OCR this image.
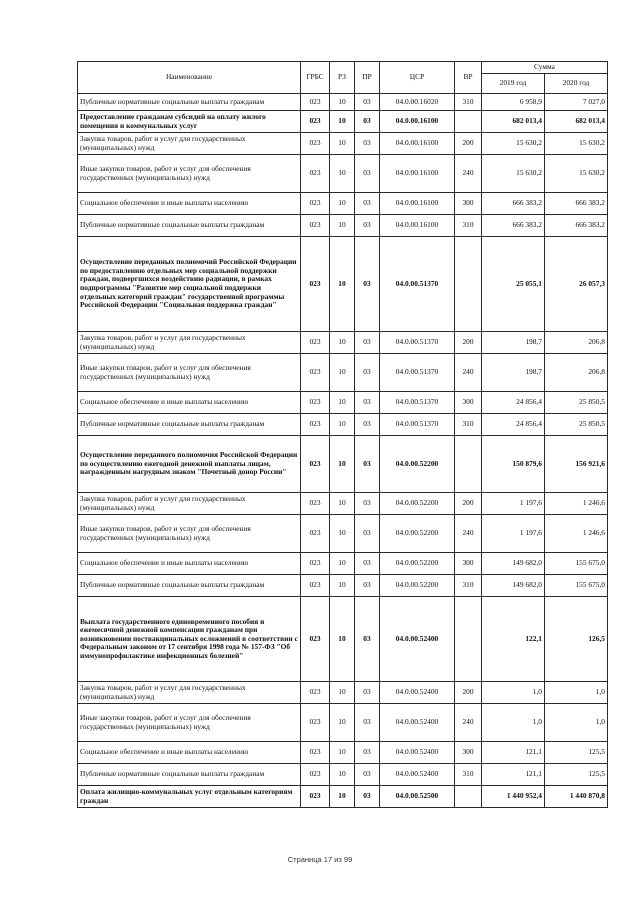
Наименование	ГРБС	РЗ	ПР	ЦСР	ВР	Сумма	
						2019 год	2020 год
Публичные нормативные социальные выплаты гражданам	023	10	03	04.0.00.16020	310	6 958,9	7 027,0
Предоставление гражданам субсидий на оплату жилого помещения и коммунальных услуг	023	10	03	04.0.00.16100		682 013,4	682 013,4
Закупка товаров, работ и услуг для государственных (муниципальных) нужд	023	10	03	04.0.00.16100	200	15 630,2	15 630,2
Иные закупки товаров, работ и услуг для обеспечения государственных (муниципальных) нужд	023	10	03	04.0.00.16100	240	15 630,2	15 630,2
Социальное обеспечение и иные выплаты населению	023	10	03	04.0.00.16100	300	666 383,2	666 383,2
Публичные нормативные социальные выплаты гражданам	023	10	03	04.0.00.16100	310	666 383,2	666 383,2
Осуществление переданных полномочий Российской Федерации по предоставлению отдельных мер социальной поддержки граждан, подвергшихся воздействию радиации, в рамках подпрограммы "Развитие мер социальной поддержки отдельных категорий граждан" государственной программы Российской Федерации "Социальная поддержка граждан"	023	10	03	04.0.00.51370		25 055,1	26 057,3
Закупка товаров, работ и услуг для государственных (муниципальных) нужд	023	10	03	04.0.00.51370	200	198,7	206,8
Иные закупки товаров, работ и услуг для обеспечения государственных (муниципальных) нужд	023	10	03	04.0.00.51370	240	198,7	206,8
Социальное обеспечение и иные выплаты населению	023	10	03	04.0.00.51370	300	24 856,4	25 850,5
Публичные нормативные социальные выплаты гражданам	023	10	03	04.0.00.51370	310	24 856,4	25 850,5
Осуществление переданного полномочия Российской Федерации по осуществлению ежегодной денежной выплаты лицам, награжденным нагрудным знаком "Почетный донор России"	023	10	03	04.0.00.52200		150 879,6	156 921,6
Закупка товаров, работ и услуг для государственных (муниципальных) нужд	023	10	03	04.0.00.52200	200	1 197,6	1 246,6
Иные закупки товаров, работ и услуг для обеспечения государственных (муниципальных) нужд	023	10	03	04.0.00.52200	240	1 197,6	1 246,6
Социальное обеспечение и иные выплаты населению	023	10	03	04.0.00.52200	300	149 682,0	155 675,0
Публичные нормативные социальные выплаты гражданам	023	10	03	04.0.00.52200	310	149 682,0	155 675,0
Выплата государственного единовременного пособия и ежемесячной денежной компенсации гражданам при возникновении поствакцинальных осложнений в соответствии с Федеральным законом от 17 сентября 1998 года № 157-ФЗ "Об иммунопрофилактике инфекционных болезней"	023	10	03	04.0.00.52400		122,1	126,5
Закупка товаров, работ и услуг для государственных (муниципальных) нужд	023	10	03	04.0.00.52400	200	1,0	1,0
Иные закупки товаров, работ и услуг для обеспечения государственных (муниципальных) нужд	023	10	03	04.0.00.52400	240	1,0	1,0
Социальное обеспечение и иные выплаты населению	023	10	03	04.0.00.52400	300	121,1	125,5
Публичные нормативные социальные выплаты гражданам	023	10	03	04.0.00.52400	310	121,1	125,5
Оплата жилищно-коммунальных услуг отдельным категориям граждан	023	10	03	04.0.00.52500		1 440 952,4	1 440 870,8
Страница 17 из 99
